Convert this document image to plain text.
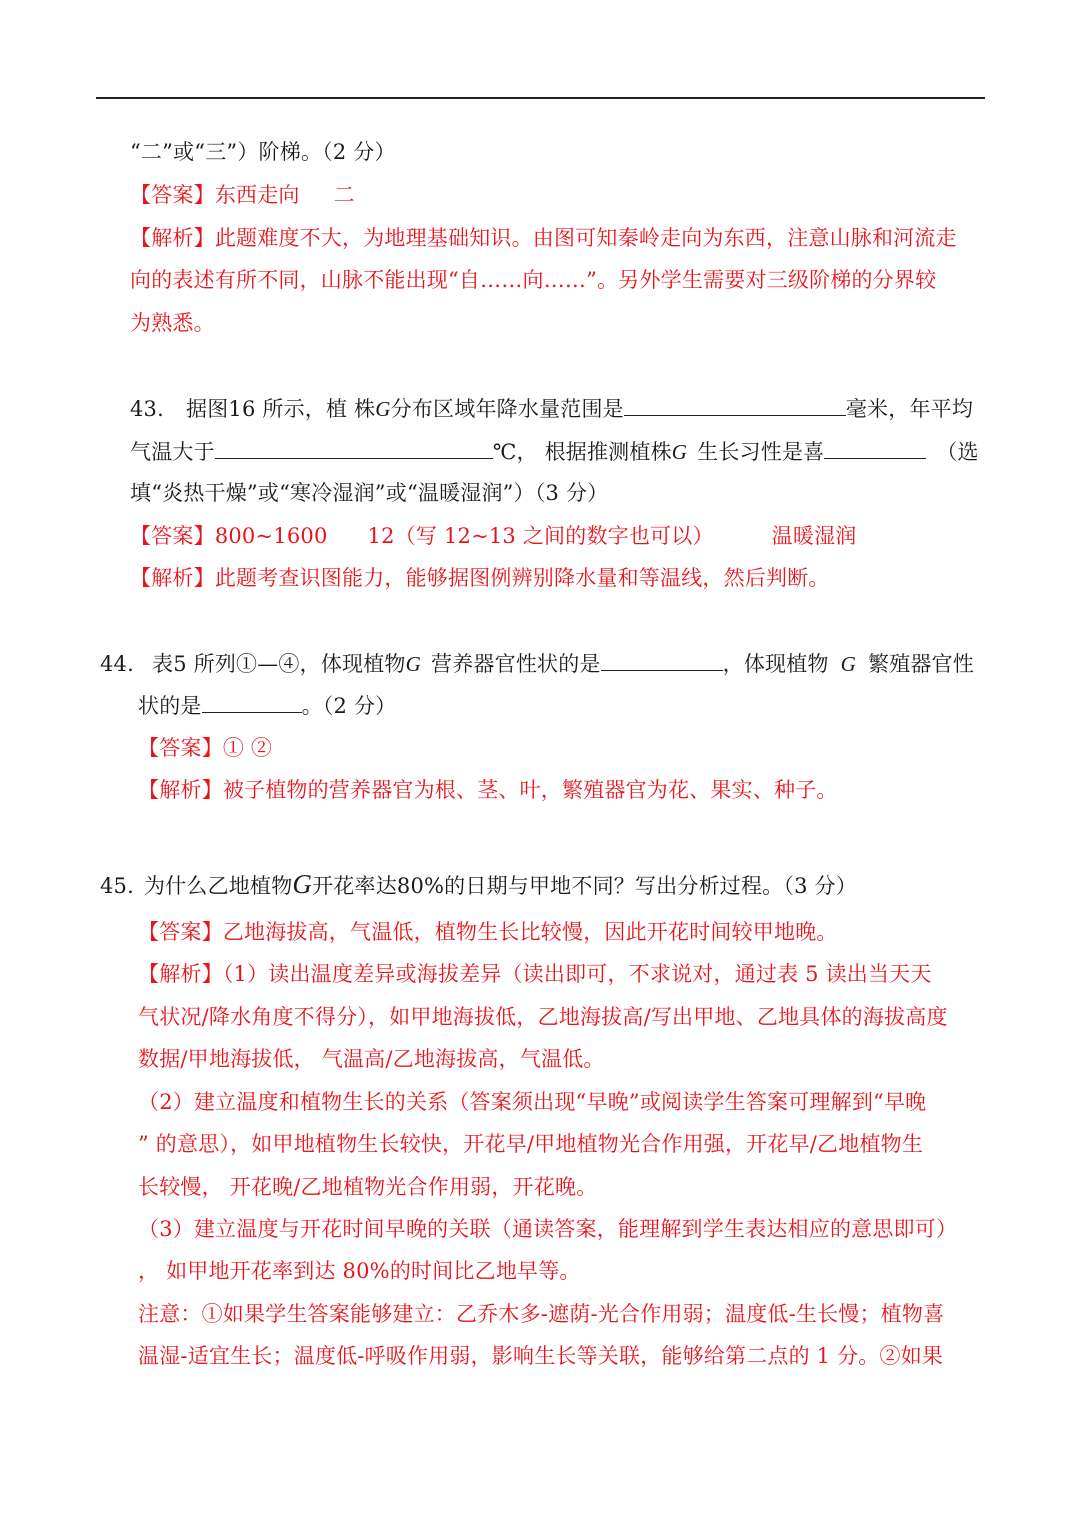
“二”或“三”）阶梯。（2 分）
【答案】东西走向 二
【解析】此题难度不大，为地理基础知识。由图可知秦岭走向为东西，注意山脉和河流走
向的表述有所不同，山脉不能出现“自……向……”。另外学生需要对三级阶梯的分界较
为熟悉。
43. 据图16 所示，植 株G分布区域年降水量范围是	毫米，年平均
气温大于	℃， 根据推测植株G 生长习性是喜	（选
填“炎热干燥”或“寒冷湿润”或“温暖湿润”）（3 分）
【答案】800~1600 12（写 12~13 之间的数字也可以）	温暖湿润
【解析】此题考查识图能力，能够据图例辨别降水量和等温线，然后判断。
44. 表5 所列①—④，体现植物G 营养器官性状的是	，体现植物 G 繁殖器官性
状的是	。（2 分）
【答案】① ②
【解析】被子植物的营养器官为根、茎、叶，繁殖器官为花、果实、种子。
45. 为什么乙地植物G开花率达80%的日期与甲地不同？写出分析过程。（3 分）
【答案】乙地海拔高，气温低，植物生长比较慢，因此开花时间较甲地晚。
【解析】（1）读出温度差异或海拔差异（读出即可，不求说对，通过表 5 读出当天天
气状况/降水角度不得分），如甲地海拔低，乙地海拔高/写出甲地、乙地具体的海拔高度
数据/甲地海拔低， 气温高/乙地海拔高，气温低。
（2）建立温度和植物生长的关系（答案须出现“早晚”或阅读学生答案可理解到“早晚
” 的意思），如甲地植物生长较快，开花早/甲地植物光合作用强，开花早/乙地植物生
长较慢， 开花晚/乙地植物光合作用弱，开花晚。
（3）建立温度与开花时间早晚的关联（通读答案，能理解到学生表达相应的意思即可）
， 如甲地开花率到达 80%的时间比乙地早等。
注意：①如果学生答案能够建立：乙乔木多-遮荫-光合作用弱；温度低-生长慢；植物喜
温湿-适宜生长；温度低-呼吸作用弱，影响生长等关联，能够给第二点的 1 分。②如果
